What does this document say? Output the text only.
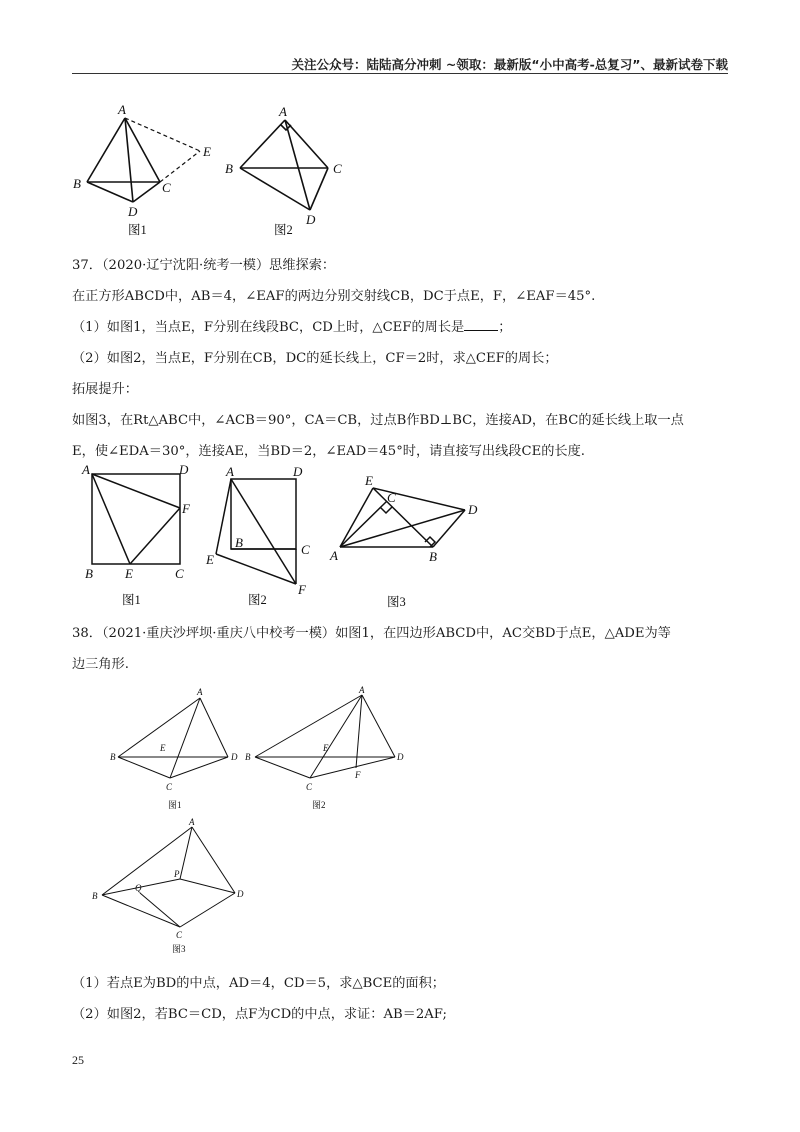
关注公众号：陆陆高分冲刺 ~领取：最新版“小中高考-总复习”、最新试卷下载
A
E
B	C
D
图1
A
B	C
D
图2
37．（2020·辽宁沈阳·统考一模）思维探索：
在正方形ABCD中，AB＝4，∠EAF的两边分别交射线CB，DC于点E，F，∠EAF＝45°.
（1）如图1，当点E，F分别在线段BC，CD上时，△CEF的周长是	；
（2）如图2，当点E，F分别在CB，DC的延长线上，CF＝2时，求△CEF的周长；
拓展提升：
如图3，在Rt△ABC中，∠ACB＝90°，CA＝CB，过点B作BD⊥BC，连接AD，在BC的延长线上取一点
E，使∠EDA＝30°，连接AE，当BD＝2，∠EAD＝45°时，请直接写出线段CE的长度.
A	D
F
B E	C
图1
A	D
B	C
E
F
图2
E
C
D
A	B
图3
38．（2021·重庆沙坪坝·重庆八中校考一模）如图1，在四边形ABCD中，AC交BD于点E，△ADE为等
边三角形.
A
E
B	D
C
图1
A
E
B	D
F
C
图2
A
P
Q
B	D
C
图3
（1）若点E为BD的中点，AD＝4，CD＝5，求△BCE的面积；
（2）如图2，若BC＝CD，点F为CD的中点，求证：AB＝2AF;
25
